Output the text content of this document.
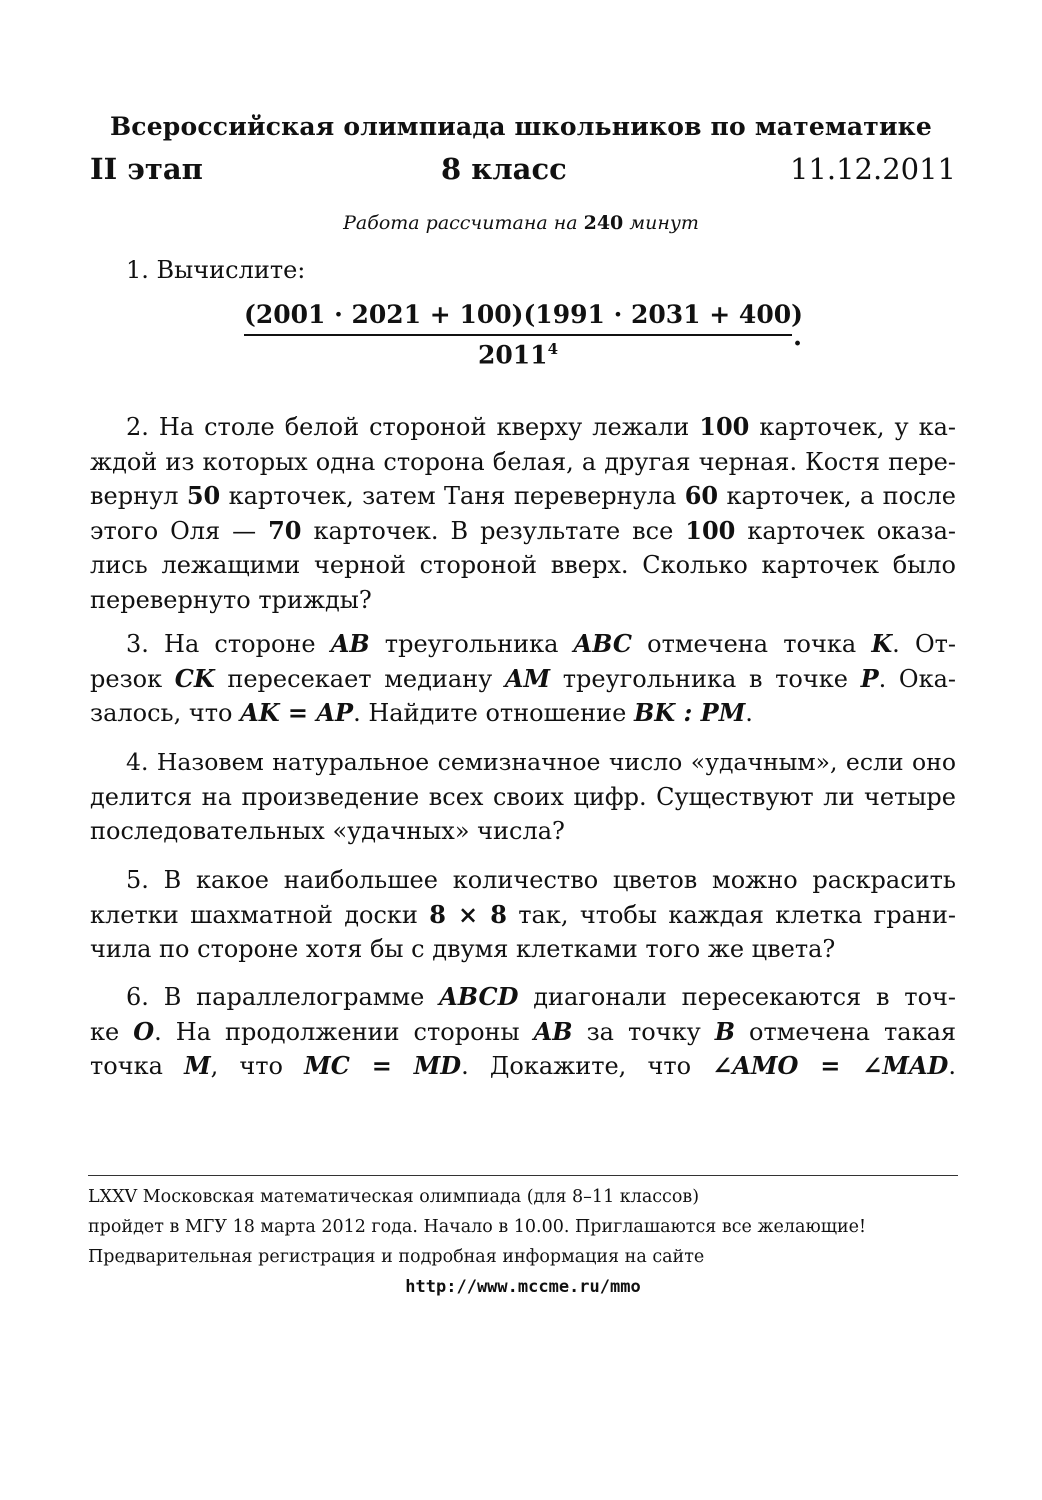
Всероссийская олимпиада школьников по математике
II этап	8 класс	11.12.2011
Работа рассчитана на 240 минут
1. Вычислите:
(2001 · 2021 + 100)(1991 · 2031 + 400)
2011$^4$	.
2. На столе белой стороной кверху лежали 100 карточек, у ка-
ждой из которых одна сторона белая, а другая черная. Костя пере-
вернул 50 карточек, затем Таня перевернула 60 карточек, а после
этого Оля — 70 карточек. В результате все 100 карточек оказа-
лись лежащими черной стороной вверх. Сколько карточек было
перевернуто трижды?
3. На стороне AB треугольника ABC отмечена точка K. От-
резок CK пересекает медиану AM треугольника в точке P. Ока-
залось, что AK = AP. Найдите отношение BK : PM.
4. Назовем натуральное семизначное число «удачным», если оно
делится на произведение всех своих цифр. Существуют ли четыре
последовательных «удачных» числа?
5. В какое наибольшее количество цветов можно раскрасить
клетки шахматной доски 8 × 8 так, чтобы каждая клетка грани-
чила по стороне хотя бы с двумя клетками того же цвета?
6. В параллелограмме ABCD диагонали пересекаются в точ-
ке O. На продолжении стороны AB за точку B отмечена такая
точка M, что MC = MD. Докажите, что ∠AMO = ∠MAD.
LXXV Московская математическая олимпиада (для 8–11 классов)
пройдет в МГУ 18 марта 2012 года. Начало в 10.00. Приглашаются все желающие!
Предварительная регистрация и подробная информация на сайте
http://www.mccme.ru/mmo
